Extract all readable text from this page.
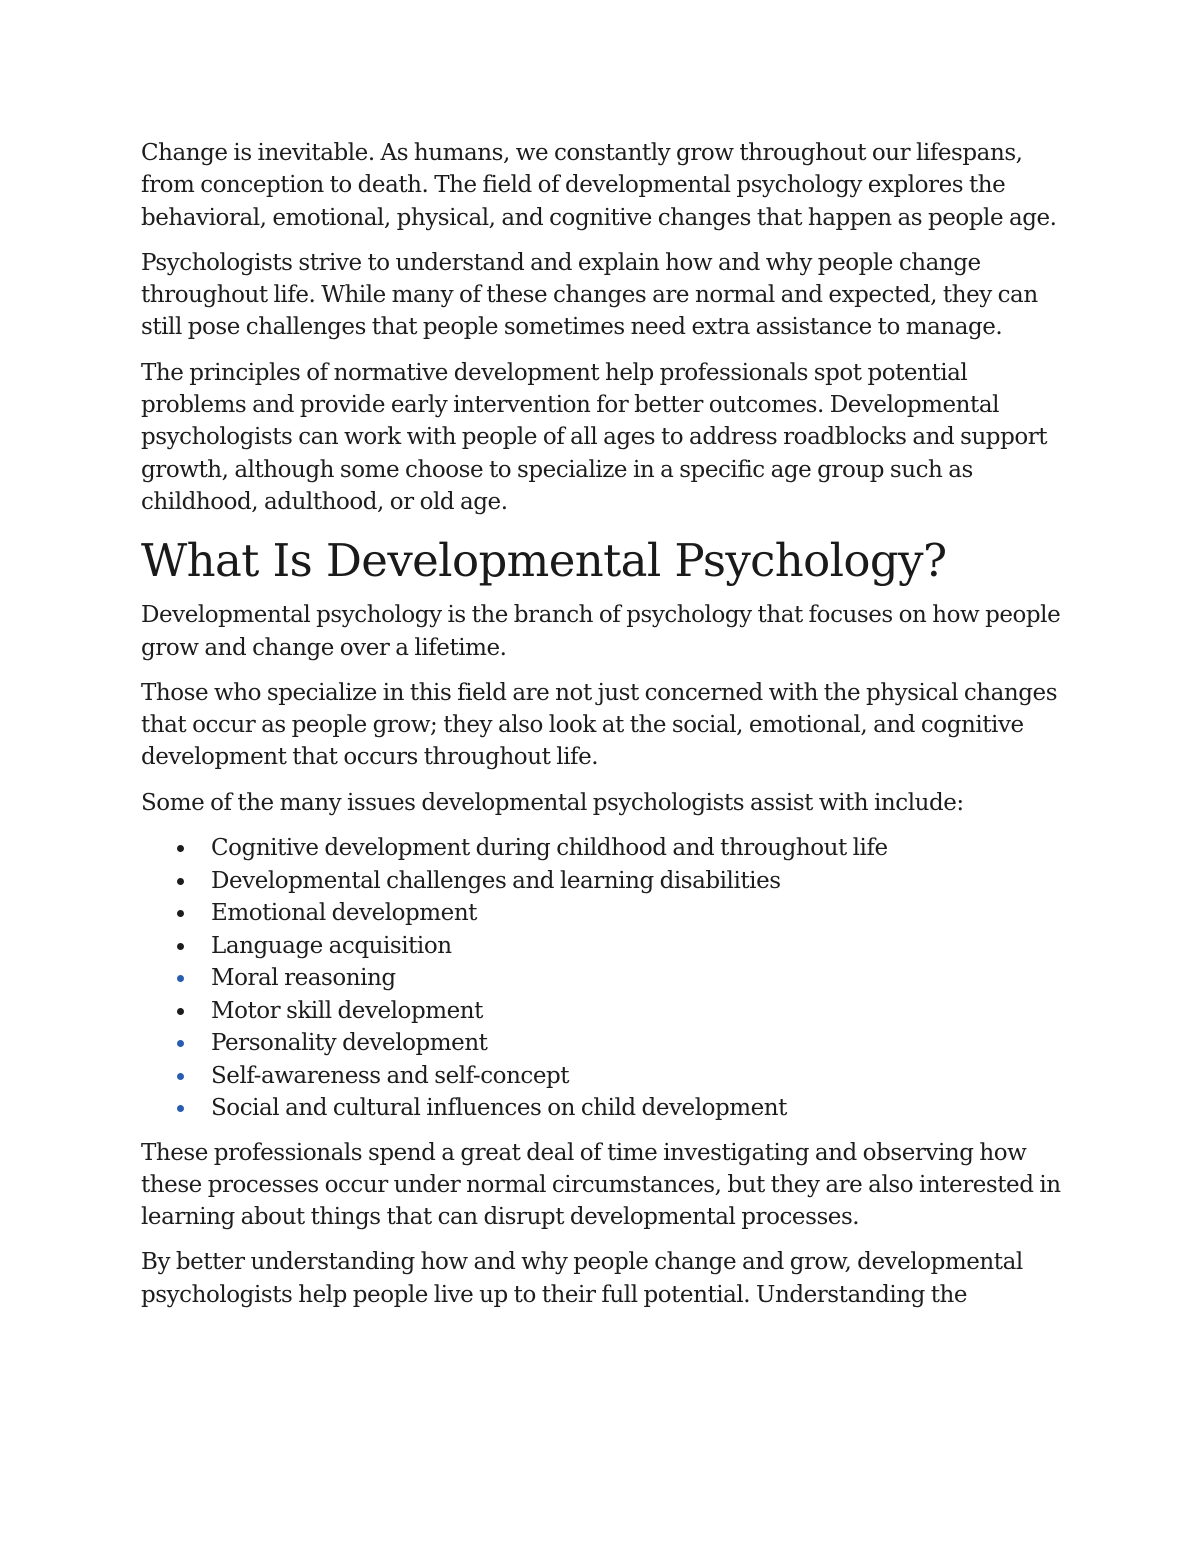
Change is inevitable. As humans, we constantly grow throughout our lifespans, from conception to death. The field of developmental psychology explores the behavioral, emotional, physical, and cognitive changes that happen as people age.

Psychologists strive to understand and explain how and why people change throughout life. While many of these changes are normal and expected, they can still pose challenges that people sometimes need extra assistance to manage.

The principles of normative development help professionals spot potential problems and provide early intervention for better outcomes. Developmental psychologists can work with people of all ages to address roadblocks and support growth, although some choose to specialize in a specific age group such as childhood, adulthood, or old age.

What Is Developmental Psychology?

Developmental psychology is the branch of psychology that focuses on how people grow and change over a lifetime.

Those who specialize in this field are not just concerned with the physical changes that occur as people grow; they also look at the social, emotional, and cognitive development that occurs throughout life.

Some of the many issues developmental psychologists assist with include:

Cognitive development during childhood and throughout life
Developmental challenges and learning disabilities
Emotional development
Language acquisition
Moral reasoning
Motor skill development
Personality development
Self-awareness and self-concept
Social and cultural influences on child development

These professionals spend a great deal of time investigating and observing how these processes occur under normal circumstances, but they are also interested in learning about things that can disrupt developmental processes.

By better understanding how and why people change and grow, developmental psychologists help people live up to their full potential. Understanding the
